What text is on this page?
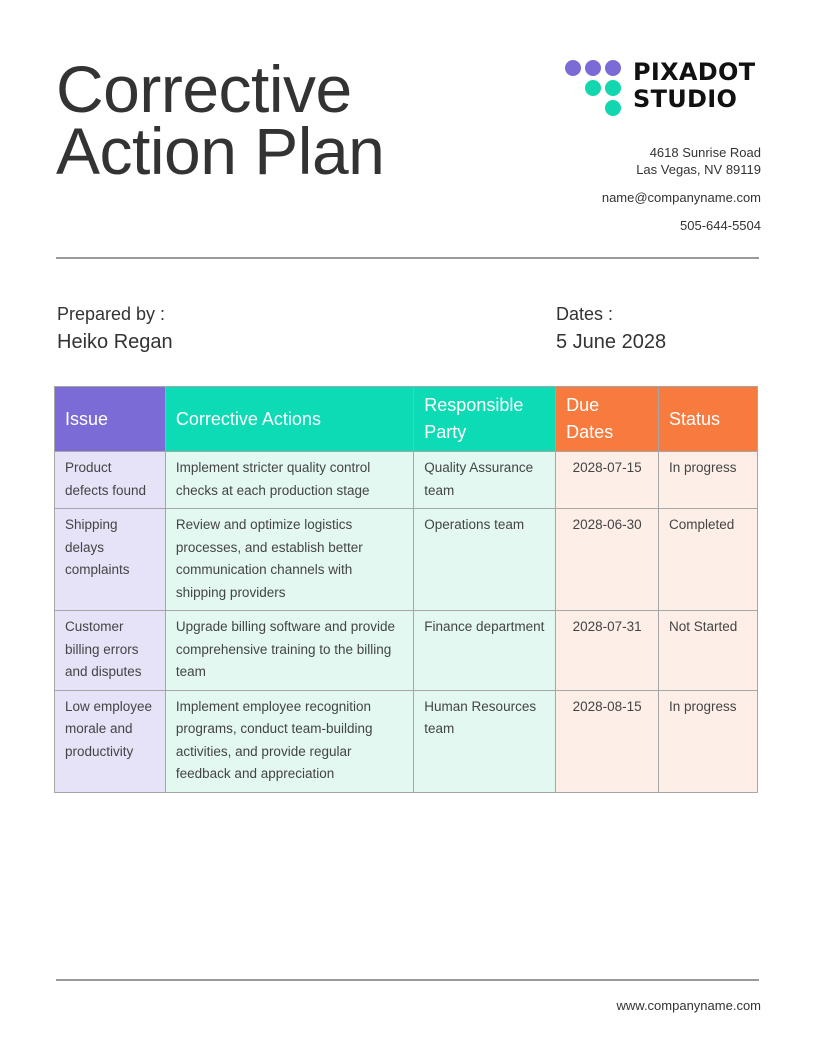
Corrective
Action Plan
PIXADOT
STUDIO
4618 Sunrise Road
Las Vegas, NV 89119
name@companyname.com
505-644-5504
Prepared by :
Heiko Regan
Dates :
5 June 2028
Issue	Corrective Actions	Responsible Party	Due Dates	Status
Product defects found	Implement stricter quality control checks at each production stage	Quality Assurance team	2028-07-15	In progress
Shipping delays complaints	Review and optimize logistics processes, and establish better communication channels with shipping providers	Operations team	2028-06-30	Completed
Customer billing errors and disputes	Upgrade billing software and provide comprehensive training to the billing team	Finance department	2028-07-31	Not Started
Low employee morale and productivity	Implement employee recognition programs, conduct team-building activities, and provide regular feedback and appreciation	Human Resources team	2028-08-15	In progress
www.companyname.com
